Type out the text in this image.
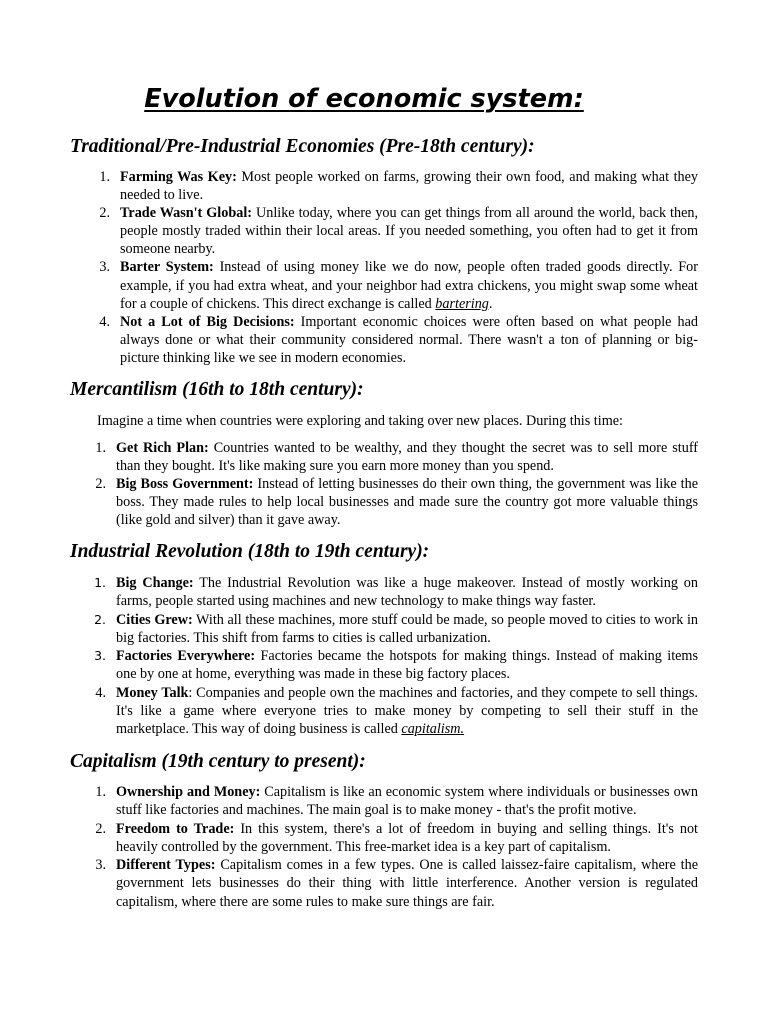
Evolution of economic system:
Traditional/Pre-Industrial Economies (Pre-18th century):
1. Farming Was Key: Most people worked on farms, growing their own food, and making what they needed to live.
2. Trade Wasn't Global: Unlike today, where you can get things from all around the world, back then, people mostly traded within their local areas. If you needed something, you often had to get it from someone nearby.
3. Barter System: Instead of using money like we do now, people often traded goods directly. For example, if you had extra wheat, and your neighbor had extra chickens, you might swap some wheat for a couple of chickens. This direct exchange is called bartering.
4. Not a Lot of Big Decisions: Important economic choices were often based on what people had always done or what their community considered normal. There wasn't a ton of planning or big-picture thinking like we see in modern economies.
Mercantilism (16th to 18th century):

Imagine a time when countries were exploring and taking over new places. During this time:

1. Get Rich Plan: Countries wanted to be wealthy, and they thought the secret was to sell more stuff than they bought. It's like making sure you earn more money than you spend.
2. Big Boss Government: Instead of letting businesses do their own thing, the government was like the boss. They made rules to help local businesses and made sure the country got more valuable things (like gold and silver) than it gave away.
Industrial Revolution (18th to 19th century):
1. Big Change: The Industrial Revolution was like a huge makeover. Instead of mostly working on farms, people started using machines and new technology to make things way faster.
2. Cities Grew: With all these machines, more stuff could be made, so people moved to cities to work in big factories. This shift from farms to cities is called urbanization.
3. Factories Everywhere: Factories became the hotspots for making things. Instead of making items one by one at home, everything was made in these big factory places.
4. Money Talk: Companies and people own the machines and factories, and they compete to sell things. It's like a game where everyone tries to make money by competing to sell their stuff in the marketplace. This way of doing business is called capitalism.
Capitalism (19th century to present):
1. Ownership and Money: Capitalism is like an economic system where individuals or businesses own stuff like factories and machines. The main goal is to make money - that's the profit motive.
2. Freedom to Trade: In this system, there's a lot of freedom in buying and selling things. It's not heavily controlled by the government. This free-market idea is a key part of capitalism.
3. Different Types: Capitalism comes in a few types. One is called laissez-faire capitalism, where the government lets businesses do their thing with little interference. Another version is regulated capitalism, where there are some rules to make sure things are fair.
